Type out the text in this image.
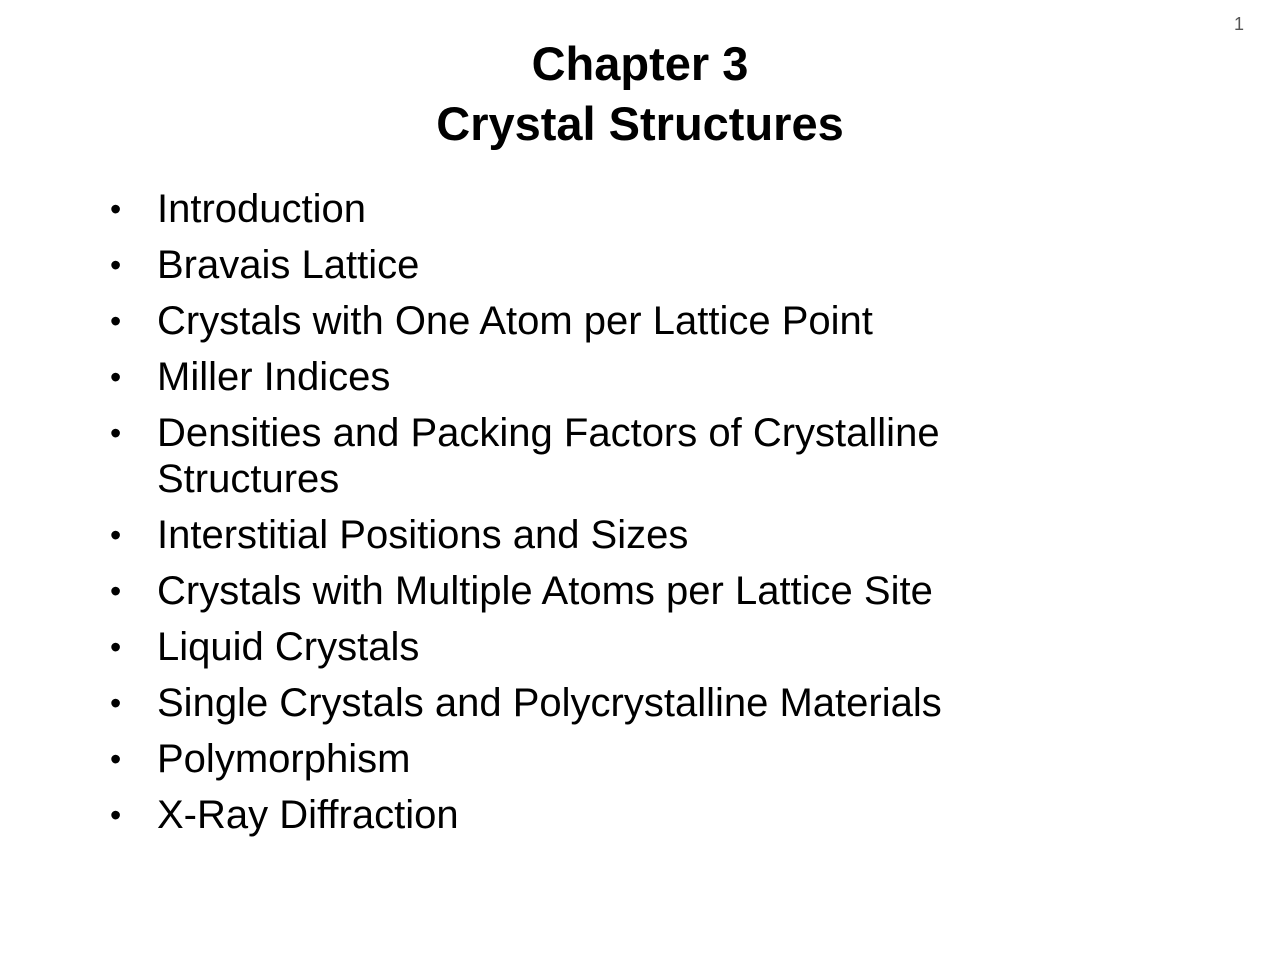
1
Chapter 3
Crystal Structures
• Introduction
• Bravais Lattice
• Crystals with One Atom per Lattice Point
• Miller Indices
• Densities and Packing Factors of Crystalline Structures
• Interstitial Positions and Sizes
• Crystals with Multiple Atoms per Lattice Site
• Liquid Crystals
• Single Crystals and Polycrystalline Materials
• Polymorphism
• X-Ray Diffraction
